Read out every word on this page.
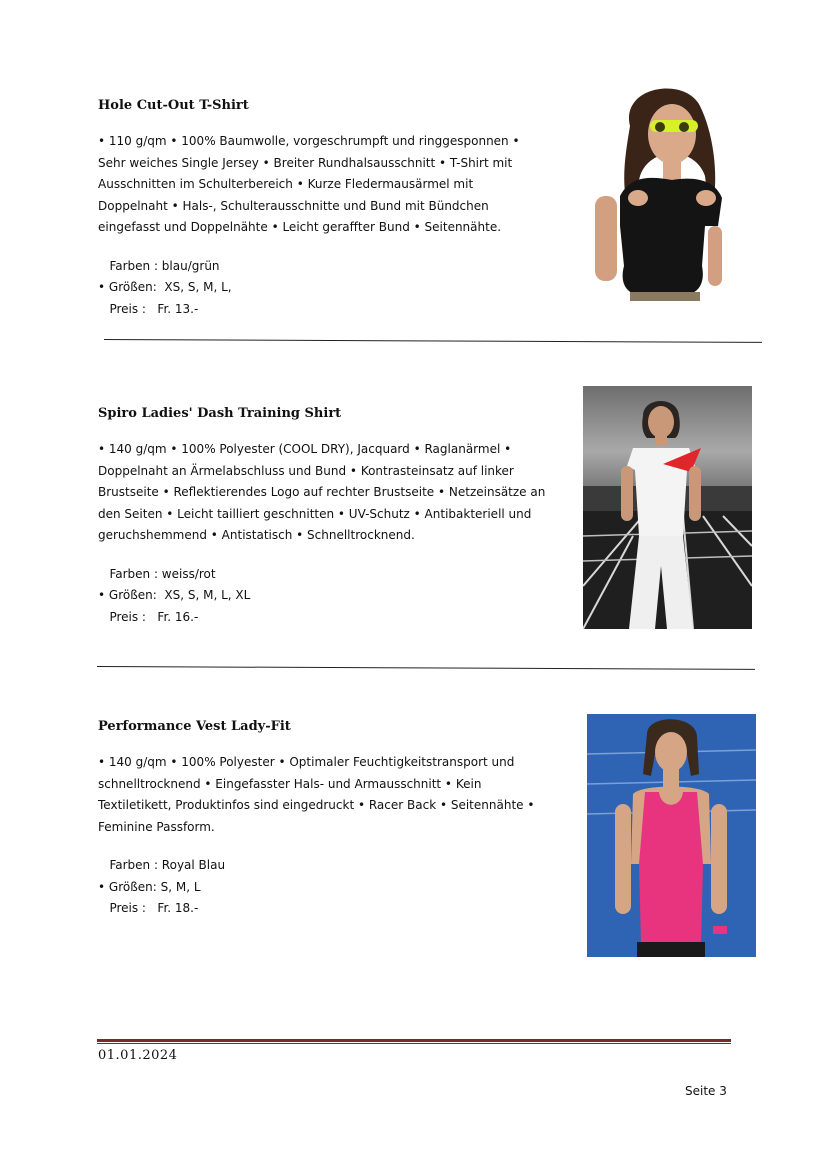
Hole Cut-Out T-Shirt

• 110 g/qm • 100% Baumwolle, vorgeschrumpft und ringgesponnen •
Sehr weiches Single Jersey • Breiter Rundhalsausschnitt • T-Shirt mit
Ausschnitten im Schulterbereich • Kurze Fledermausärmel mit
Doppelnaht • Hals-, Schulterausschnitte und Bund mit Bündchen
eingefasst und Doppelnähte • Leicht geraffter Bund • Seitennähte.

Farben : blau/grün
• Größen:  XS, S, M, L,
Preis :   Fr. 13.-

Spiro Ladies' Dash Training Shirt

• 140 g/qm • 100% Polyester (COOL DRY), Jacquard • Raglanärmel •
Doppelnaht an Ärmelabschluss und Bund • Kontrasteinsatz auf linker
Brustseite • Reflektierendes Logo auf rechter Brustseite • Netzeinsätze an
den Seiten • Leicht tailliert geschnitten • UV-Schutz • Antibakteriell und
geruchshemmend • Antistatisch • Schnelltrocknend.

Farben : weiss/rot
• Größen:  XS, S, M, L, XL
Preis :   Fr. 16.-

Performance Vest Lady-Fit

• 140 g/qm • 100% Polyester • Optimaler Feuchtigkeitstransport und
schnelltrocknend • Eingefasster Hals- und Armausschnitt • Kein
Textiletikett, Produktinfos sind eingedruckt • Racer Back • Seitennähte •
Feminine Passform.

Farben : Royal Blau
• Größen: S, M, L
Preis :   Fr. 18.-
01.01.2024
Seite 3
